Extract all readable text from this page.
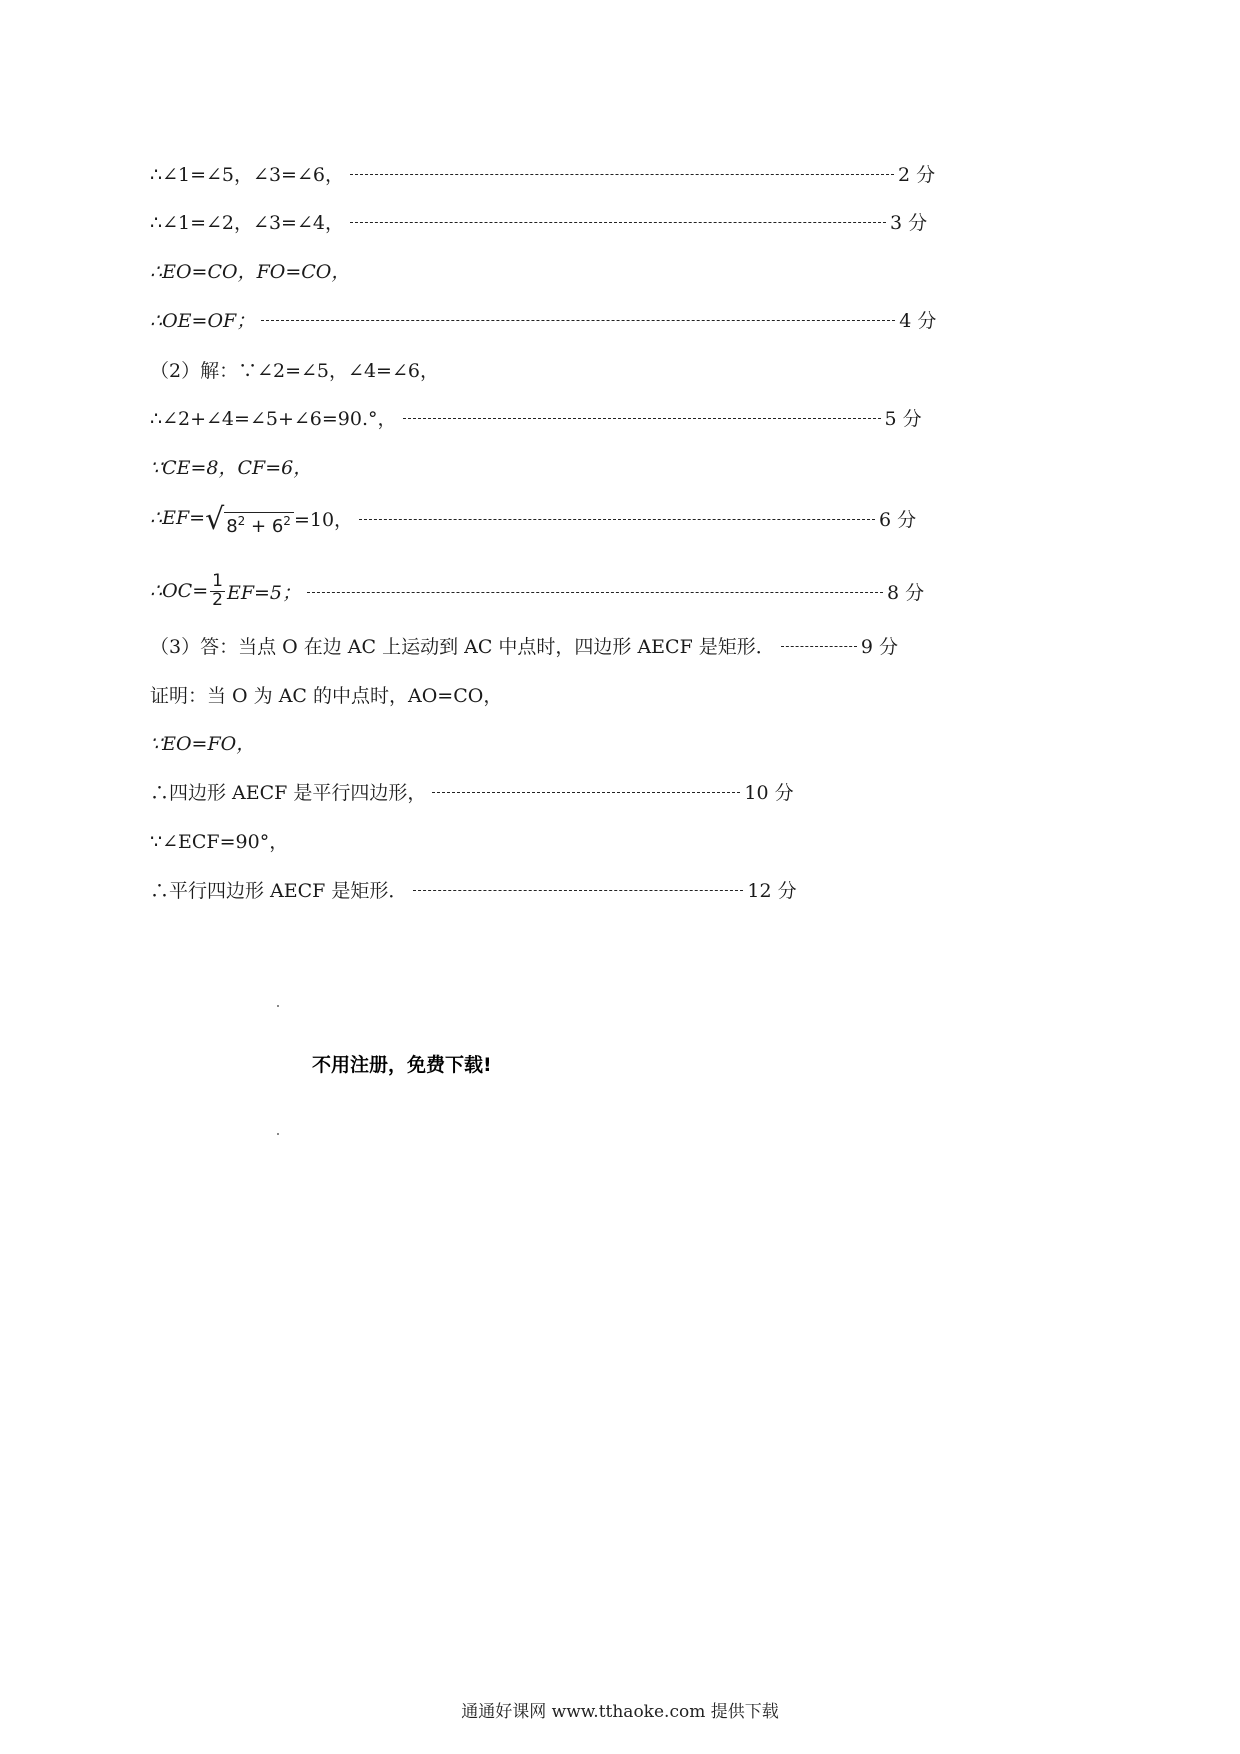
∴∠1=∠5，∠3=∠6，	2 分
∴∠1=∠2，∠3=∠4，	3 分
∴EO=CO，FO=CO，
∴OE=OF；	4 分
（2）解：∵∠2=∠5，∠4=∠6，
∴∠2+∠4=∠5+∠6=90.°，	5 分
∵CE=8，CF=6，
∴EF= √ $8^2 + 6^2 =10$，	6 分
∴OC= $\frac{1}{2} EF=5$；	8 分
（3）答：当点 O 在边 AC 上运动到 AC 中点时，四边形 AECF 是矩形．	9 分
证明：当 O 为 AC 的中点时，AO=CO，
∵EO=FO，
∴四边形 AECF 是平行四边形，	10 分
∵∠ECF=90°，
∴平行四边形 AECF 是矩形．	12 分
不用注册，免费下载!
通通好课网 www.tthaoke.com 提供下载
